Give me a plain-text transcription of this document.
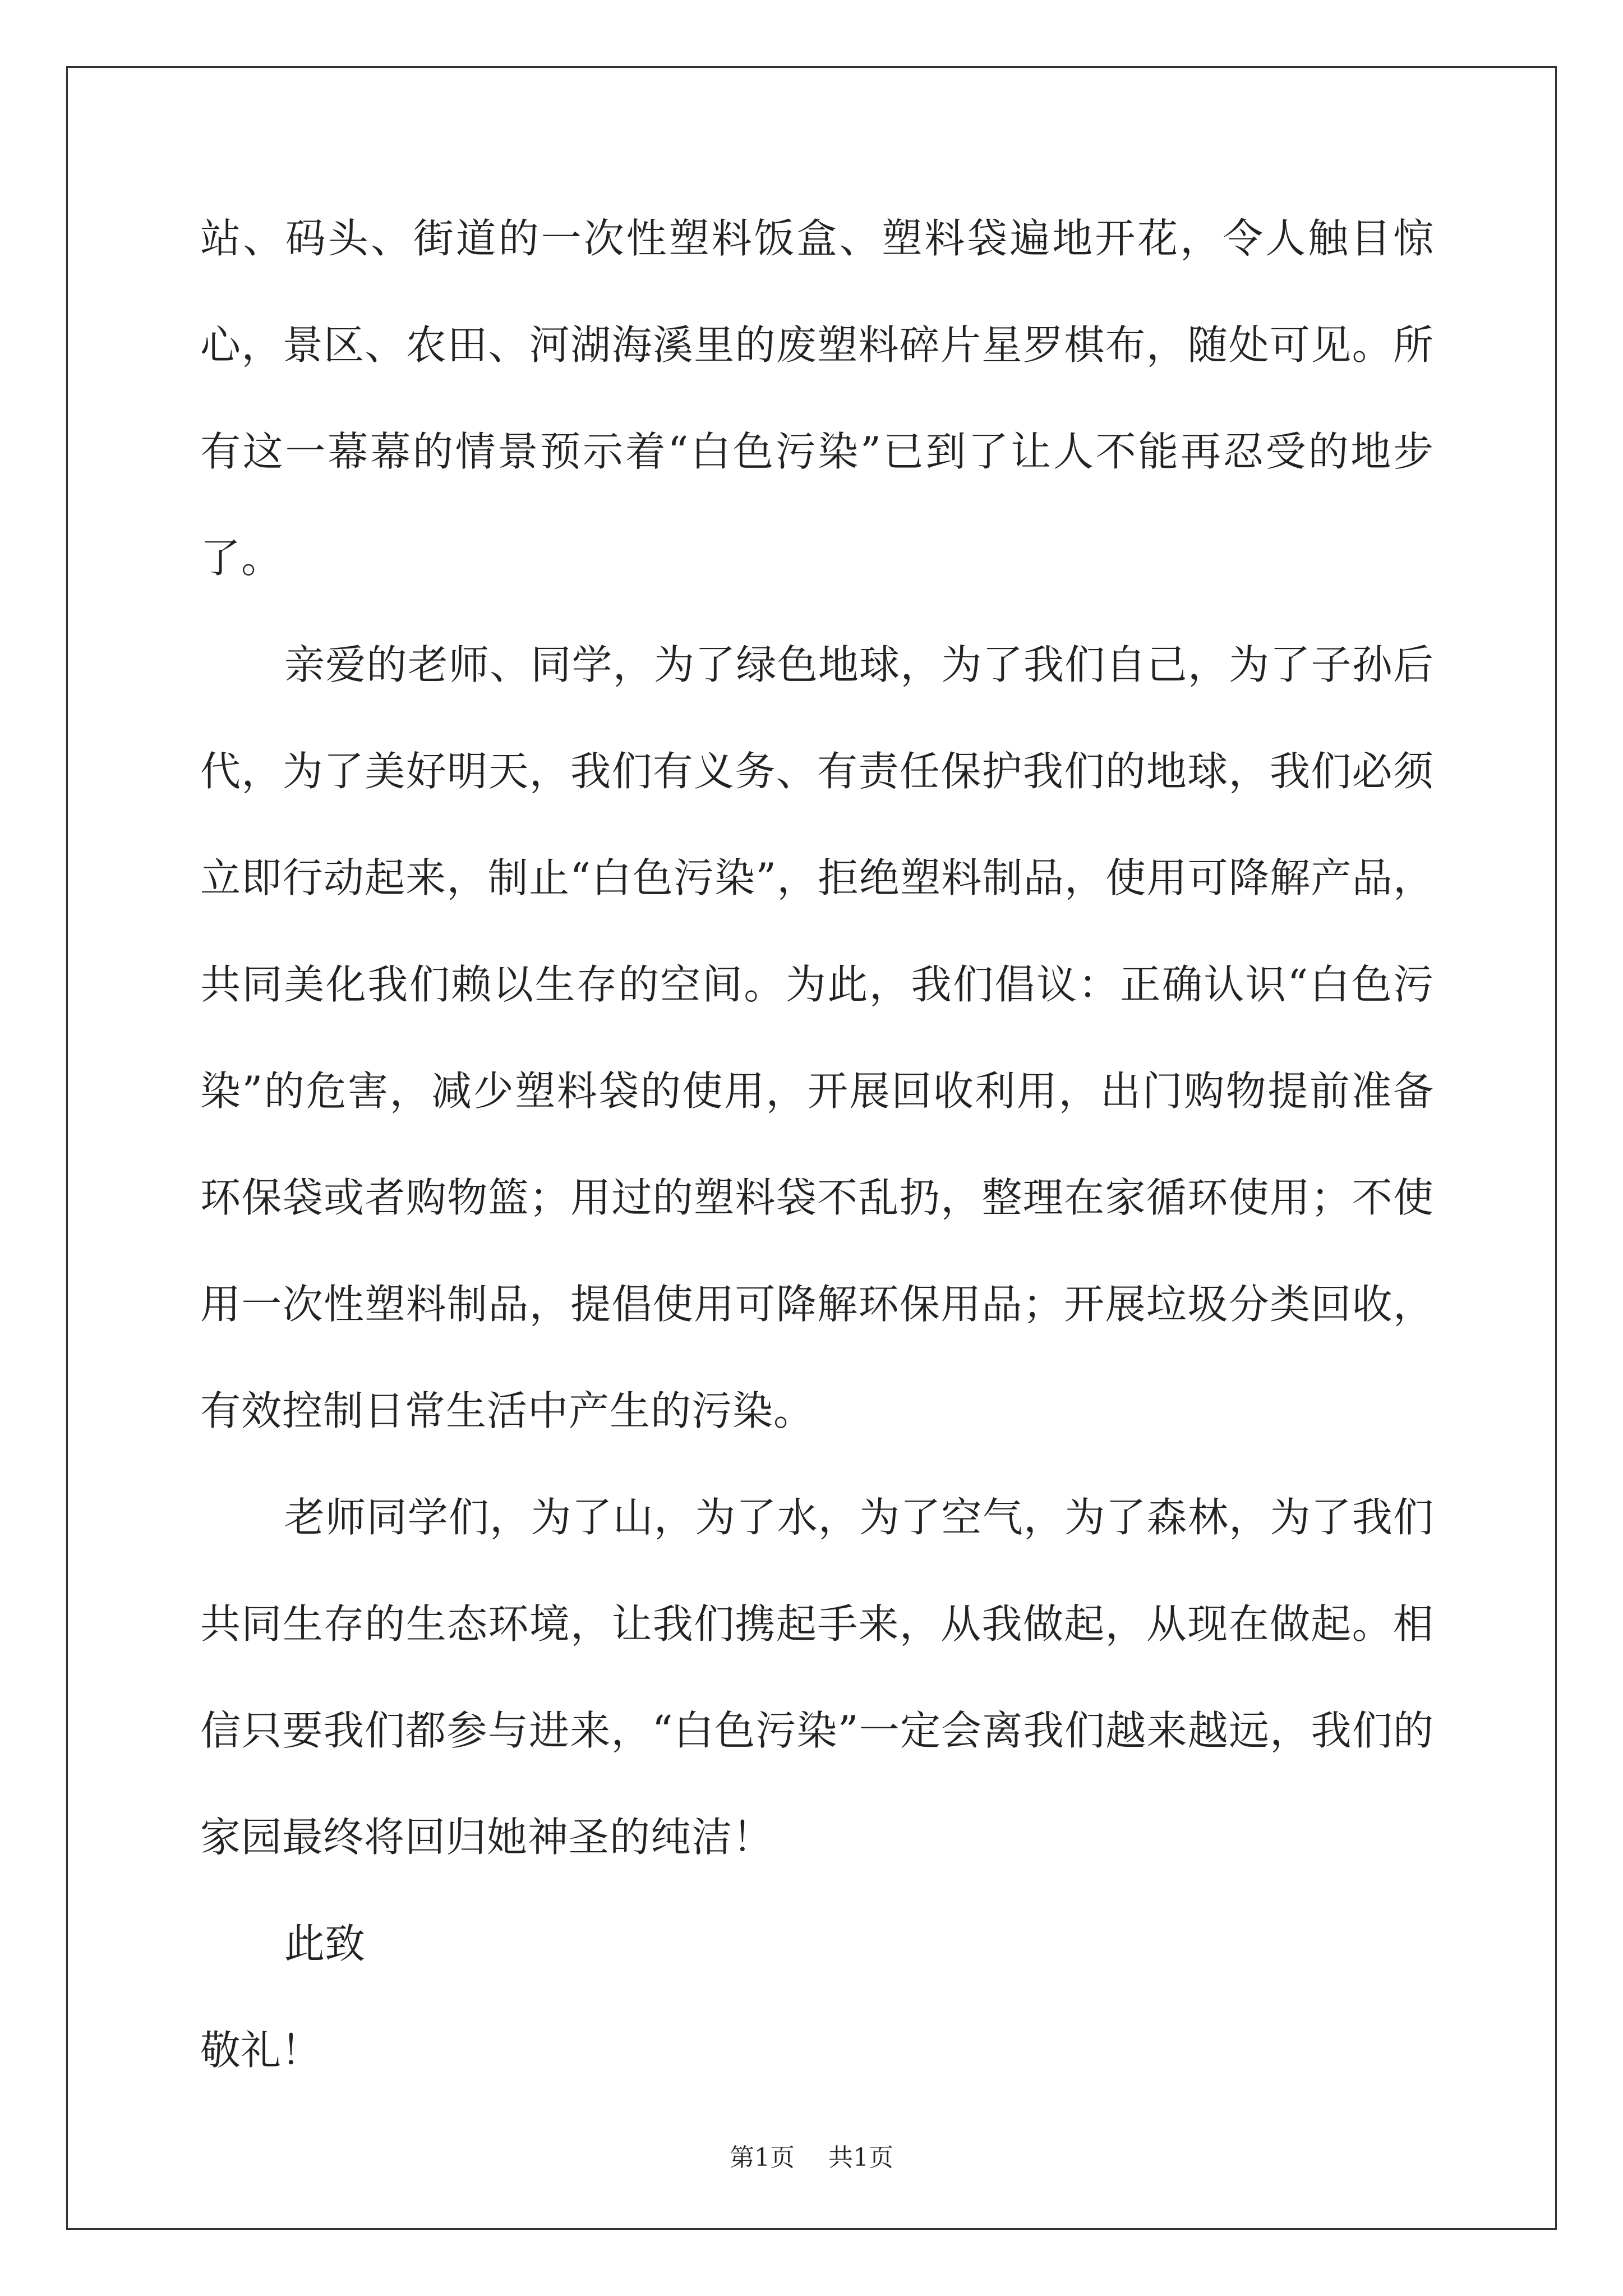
站、码头、街道的一次性塑料饭盒、塑料袋遍地开花，令人触目惊心，景区、农田、河湖海溪里的废塑料碎片星罗棋布，随处可见。所有这一幕幕的情景预示着“白色污染”已到了让人不能再忍受的地步了。

亲爱的老师、同学，为了绿色地球，为了我们自己，为了子孙后代，为了美好明天，我们有义务、有责任保护我们的地球，我们必须立即行动起来，制止“白色污染”，拒绝塑料制品，使用可降解产品，共同美化我们赖以生存的空间。为此，我们倡议：正确认识“白色污染”的危害，减少塑料袋的使用，开展回收利用，出门购物提前准备环保袋或者购物篮；用过的塑料袋不乱扔，整理在家循环使用；不使用一次性塑料制品，提倡使用可降解环保用品；开展垃圾分类回收，有效控制日常生活中产生的污染。

老师同学们，为了山，为了水，为了空气，为了森林，为了我们共同生存的生态环境，让我们携起手来，从我做起，从现在做起。相信只要我们都参与进来，“白色污染”一定会离我们越来越远，我们的家园最终将回归她神圣的纯洁！

此致

敬礼！

第1页 共1页
